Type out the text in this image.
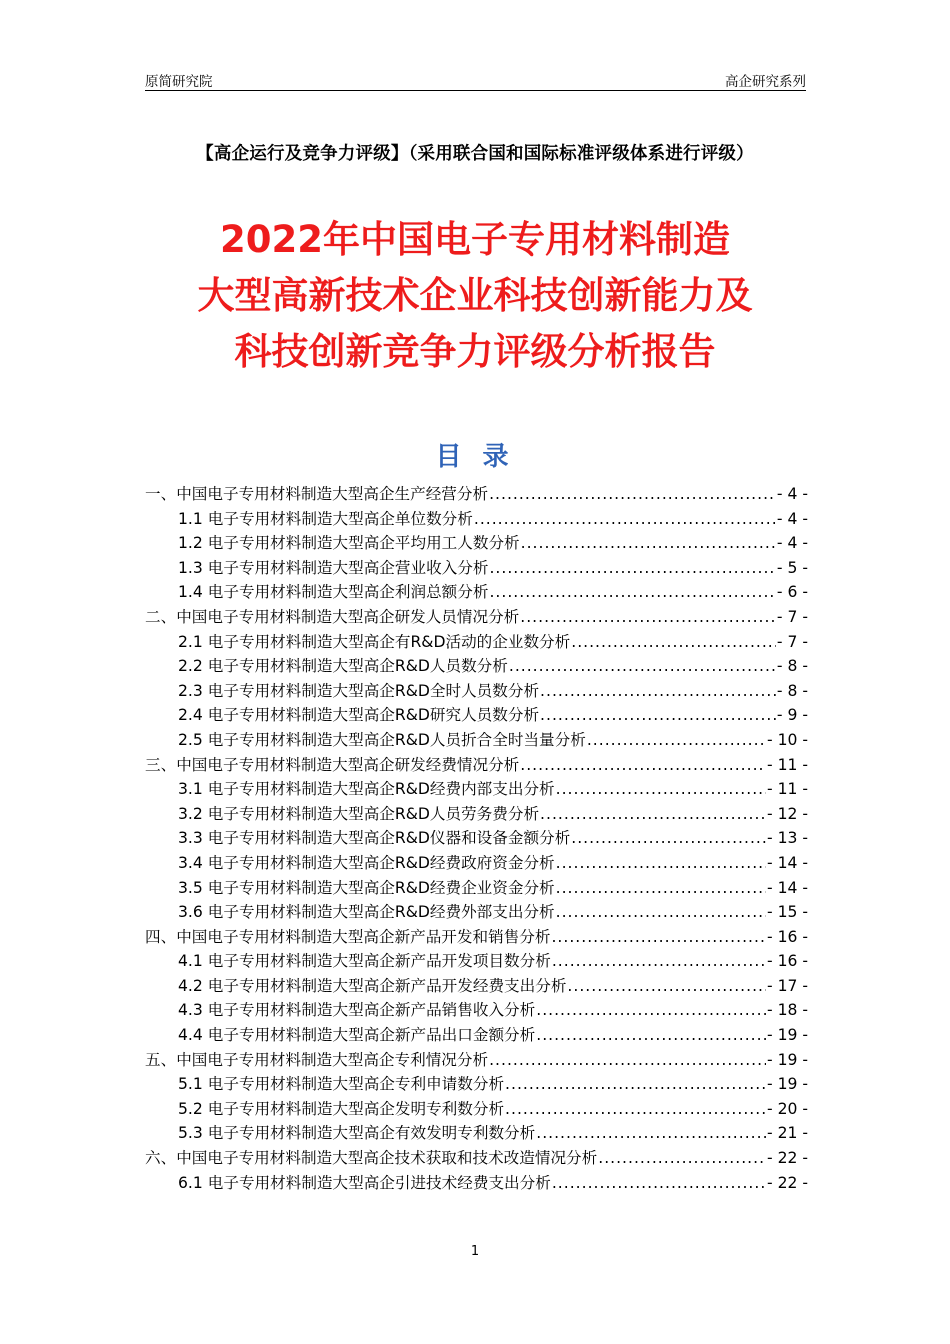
原简研究院	高企研究系列
【高企运行及竞争力评级】（采用联合国和国际标准评级体系进行评级）
2022年中国电子专用材料制造
大型高新技术企业科技创新能力及
科技创新竞争力评级分析报告
目 录
一、中国电子专用材料制造大型高企生产经营分析 .....	- 4 -
1.1 电子专用材料制造大型高企单位数分析 .....	- 4 -
1.2 电子专用材料制造大型高企平均用工人数分析 .....	- 4 -
1.3 电子专用材料制造大型高企营业收入分析 .....	- 5 -
1.4 电子专用材料制造大型高企利润总额分析 .....	- 6 -
二、中国电子专用材料制造大型高企研发人员情况分析 .....	- 7 -
2.1 电子专用材料制造大型高企有R&D活动的企业数分析 .....	- 7 -
2.2 电子专用材料制造大型高企R&D人员数分析 .....	- 8 -
2.3 电子专用材料制造大型高企R&D全时人员数分析 .....	- 8 -
2.4 电子专用材料制造大型高企R&D研究人员数分析 .....	- 9 -
2.5 电子专用材料制造大型高企R&D人员折合全时当量分析 .....	- 10 -
三、中国电子专用材料制造大型高企研发经费情况分析 .....	- 11 -
3.1 电子专用材料制造大型高企R&D经费内部支出分析 .....	- 11 -
3.2 电子专用材料制造大型高企R&D人员劳务费分析 .....	- 12 -
3.3 电子专用材料制造大型高企R&D仪器和设备金额分析 .....	- 13 -
3.4 电子专用材料制造大型高企R&D经费政府资金分析 .....	- 14 -
3.5 电子专用材料制造大型高企R&D经费企业资金分析 .....	- 14 -
3.6 电子专用材料制造大型高企R&D经费外部支出分析 .....	- 15 -
四、中国电子专用材料制造大型高企新产品开发和销售分析 .....	- 16 -
4.1 电子专用材料制造大型高企新产品开发项目数分析 .....	- 16 -
4.2 电子专用材料制造大型高企新产品开发经费支出分析 .....	- 17 -
4.3 电子专用材料制造大型高企新产品销售收入分析 .....	- 18 -
4.4 电子专用材料制造大型高企新产品出口金额分析 .....	- 19 -
五、中国电子专用材料制造大型高企专利情况分析 .....	- 19 -
5.1 电子专用材料制造大型高企专利申请数分析 .....	- 19 -
5.2 电子专用材料制造大型高企发明专利数分析 .....	- 20 -
5.3 电子专用材料制造大型高企有效发明专利数分析 .....	- 21 -
六、中国电子专用材料制造大型高企技术获取和技术改造情况分析 .....	- 22 -
6.1 电子专用材料制造大型高企引进技术经费支出分析 .....	- 22 -
1
